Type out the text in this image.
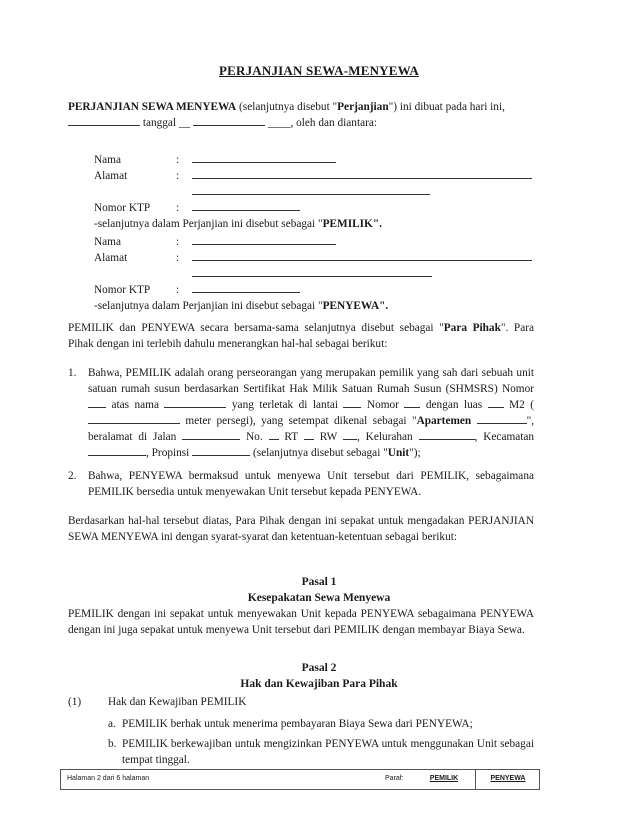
PERJANJIAN SEWA-MENYEWA
PERJANJIAN SEWA MENYEWA (selanjutnya disebut "Perjanjian") ini dibuat pada hari ini,
tanggal __	____, oleh dan diantara:
Nama	:
Alamat	:
Nomor KTP :
-selanjutnya dalam Perjanjian ini disebut sebagai "PEMILIK".
Nama	:
Alamat	:
Nomor KTP :
-selanjutnya dalam Perjanjian ini disebut sebagai "PENYEWA".
PEMILIK dan PENYEWA secara bersama-sama selanjutnya disebut sebagai "Para Pihak". Para Pihak dengan ini terlebih dahulu menerangkan hal-hal sebagai berikut:
1. Bahwa, PEMILIK adalah orang perseorangan yang merupakan pemilik yang sah dari sebuah unit satuan rumah susun berdasarkan Sertifikat Hak Milik Satuan Rumah Susun (SHMSRS) Nomor  atas nama	yang terletak di lantai	Nomor dengan luas M2 ( meter persegi), yang setempat dikenal sebagai "Apartemen	", beralamat di Jalan	No. RT RW , Kelurahan	, Kecamatan , Propinsi	(selanjutnya disebut sebagai "Unit");
2. Bahwa, PENYEWA bermaksud untuk menyewa Unit tersebut dari PEMILIK, sebagaimana PEMILIK bersedia untuk menyewakan Unit tersebut kepada PENYEWA.
Berdasarkan hal-hal tersebut diatas, Para Pihak dengan ini sepakat untuk mengadakan PERJANJIAN SEWA MENYEWA ini dengan syarat-syarat dan ketentuan-ketentuan sebagai berikut:
Pasal 1
Kesepakatan Sewa Menyewa
PEMILIK dengan ini sepakat untuk menyewakan Unit kepada PENYEWA sebagaimana PENYEWA dengan ini juga sepakat untuk menyewa Unit tersebut dari PEMILIK dengan membayar Biaya Sewa.
Pasal 2
Hak dan Kewajiban Para Pihak
(1) Hak dan Kewajiban PEMILIK
a. PEMILIK berhak untuk menerima pembayaran Biaya Sewa dari PENYEWA;
b. PEMILIK berkewajiban untuk mengizinkan PENYEWA untuk menggunakan Unit sebagai tempat tinggal.
Halaman 2 dari 6 halaman	Paraf:	PEMILIK	PENYEWA
